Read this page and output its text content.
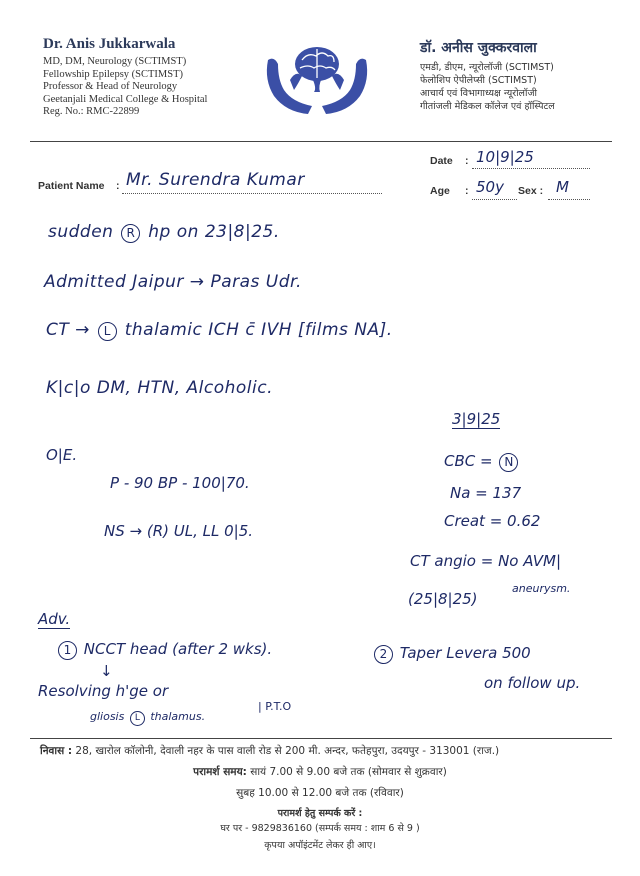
Dr. Anis Jukkarwala
MD, DM, Neurology (SCTIMST)
Fellowship Epilepsy (SCTIMST)
Professor & Head of Neurology
Geetanjali Medical College & Hospital
Reg. No.: RMC-22899
डॉ. अनीस जुक्करवाला
एमडी, डीएम, न्यूरोलॉजी (SCTIMST)
फेलोशिप ऐपीलेप्सी (SCTIMST)
आचार्य एवं विभागाध्यक्ष न्यूरोलॉजी
गीतांजली मेडिकल कॉलेज एवं हॉस्पिटल
Date : 10|9|25
Patient Name : Mr. Surendra Kumar
Age : 50y Sex : M
sudden R hp on 23|8|25.
Admitted Jaipur → Paras Udr.
CT → L thalamic ICH c̄ IVH [films NA].
K|c|o DM, HTN, Alcoholic.
O|E.
P - 90 BP - 100|70.
NS → (R) UL, LL 0|5.
3|9|25
CBC = N
Na = 137
Creat = 0.62
CT angio = No AVM|
aneurysm.
(25|8|25)
Adv.
1 NCCT head (after 2 wks).	2 Taper Levera 500
on follow up.
↓
Resolving h'ge or
gliosis L thalamus.
| P.T.O
निवास : 28, खारोल कॉलोनी, देवाली नहर के पास वाली रोड से 200 मी. अन्दर, फतेहपुरा, उदयपुर - 313001 (राज.)
परामर्श समय: सायं 7.00 से 9.00 बजे तक (सोमवार से शुक्रवार)
सुबह 10.00 से 12.00 बजे तक (रविवार)
परामर्श हेतु सम्पर्क करें :
घर पर - 9829836160 (सम्पर्क समय : शाम 6 से 9 )
कृपया अपॉइंटमेंट लेकर ही आए।
